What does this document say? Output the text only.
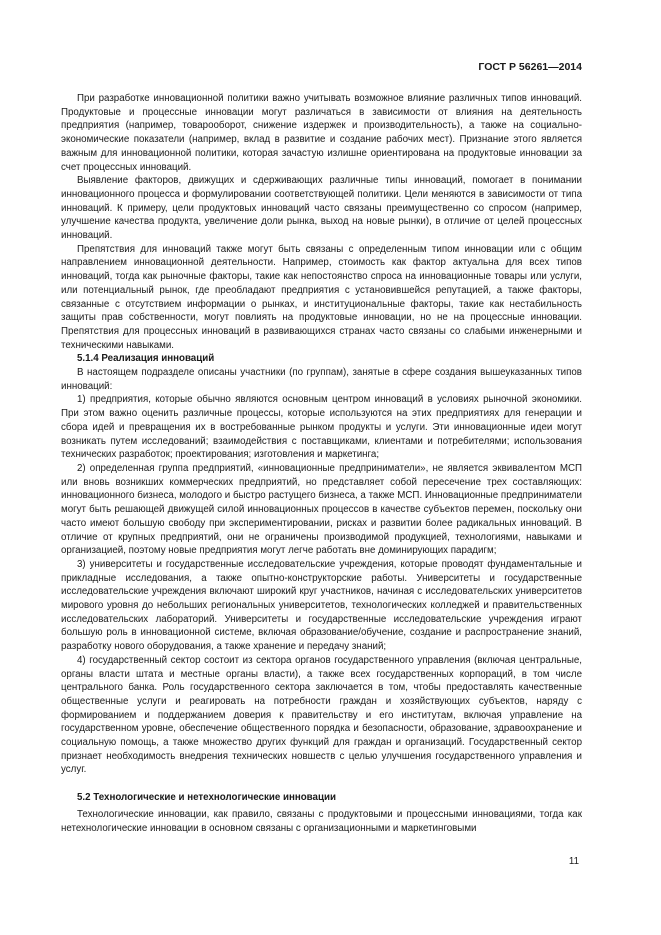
ГОСТ Р 56261—2014

При разработке инновационной политики важно учитывать возможное влияние различных типов инноваций. Продуктовые и процессные инновации могут различаться в зависимости от влияния на деятельность предприятия (например, товарооборот, снижение издержек и производительность), а также на социально-экономические показатели (например, вклад в развитие и создание рабочих мест). Признание этого является важным для инновационной политики, которая зачастую излишне ориентирована на продуктовые инновации за счет процессных инноваций.

Выявление факторов, движущих и сдерживающих различные типы инноваций, помогает в понимании инновационного процесса и формулировании соответствующей политики. Цели меняются в зависимости от типа инноваций. К примеру, цели продуктовых инноваций часто связаны преимущественно со спросом (например, улучшение качества продукта, увеличение доли рынка, выход на новые рынки), в отличие от целей процессных инноваций.

Препятствия для инноваций также могут быть связаны с определенным типом инновации или с общим направлением инновационной деятельности. Например, стоимость как фактор актуальна для всех типов инноваций, тогда как рыночные факторы, такие как непостоянство спроса на инновационные товары или услуги, или потенциальный рынок, где преобладают предприятия с установившейся репутацией, а также факторы, связанные с отсутствием информации о рынках, и институциональные факторы, такие как нестабильность защиты прав собственности, могут повлиять на продуктовые инновации, но не на процессные инновации. Препятствия для процессных инноваций в развивающихся странах часто связаны со слабыми инженерными и техническими навыками.

5.1.4 Реализация инноваций

В настоящем подразделе описаны участники (по группам), занятые в сфере создания вышеуказанных типов инноваций:

1) предприятия, которые обычно являются основным центром инноваций в условиях рыночной экономики. При этом важно оценить различные процессы, которые используются на этих предприятиях для генерации и сбора идей и превращения их в востребованные рынком продукты и услуги. Эти инновационные идеи могут возникать путем исследований; взаимодействия с поставщиками, клиентами и потребителями; использования технических разработок; проектирования; изготовления и маркетинга;

2) определенная группа предприятий, «инновационные предприниматели», не является эквивалентом МСП или вновь возникших коммерческих предприятий, но представляет собой пересечение трех составляющих: инновационного бизнеса, молодого и быстро растущего бизнеса, а также МСП. Инновационные предприниматели могут быть решающей движущей силой инновационных процессов в качестве субъектов перемен, поскольку они часто имеют большую свободу при экспериментировании, рисках и развитии более радикальных инноваций. В отличие от крупных предприятий, они не ограничены производимой продукцией, технологиями, навыками и организацией, поэтому новые предприятия могут легче работать вне доминирующих парадигм;

3) университеты и государственные исследовательские учреждения, которые проводят фундаментальные и прикладные исследования, а также опытно-конструкторские работы. Университеты и государственные исследовательские учреждения включают широкий круг участников, начиная с исследовательских университетов мирового уровня до небольших региональных университетов, технологических колледжей и правительственных исследовательских лабораторий. Университеты и государственные исследовательские учреждения играют большую роль в инновационной системе, включая образование/обучение, создание и распространение знаний, разработку нового оборудования, а также хранение и передачу знаний;

4) государственный сектор состоит из сектора органов государственного управления (включая центральные, органы власти штата и местные органы власти), а также всех государственных корпораций, в том числе центрального банка. Роль государственного сектора заключается в том, чтобы предоставлять качественные общественные услуги и реагировать на потребности граждан и хозяйствующих субъектов, наряду с формированием и поддержанием доверия к правительству и его институтам, включая управление на государственном уровне, обеспечение общественного порядка и безопасности, образование, здравоохранение и социальную помощь, а также множество других функций для граждан и организаций. Государственный сектор признает необходимость внедрения технических новшеств с целью улучшения государственного управления и услуг.

5.2 Технологические и нетехнологические инновации

Технологические инновации, как правило, связаны с продуктовыми и процессными инновациями, тогда как нетехнологические инновации в основном связаны с организационными и маркетинговыми

11
